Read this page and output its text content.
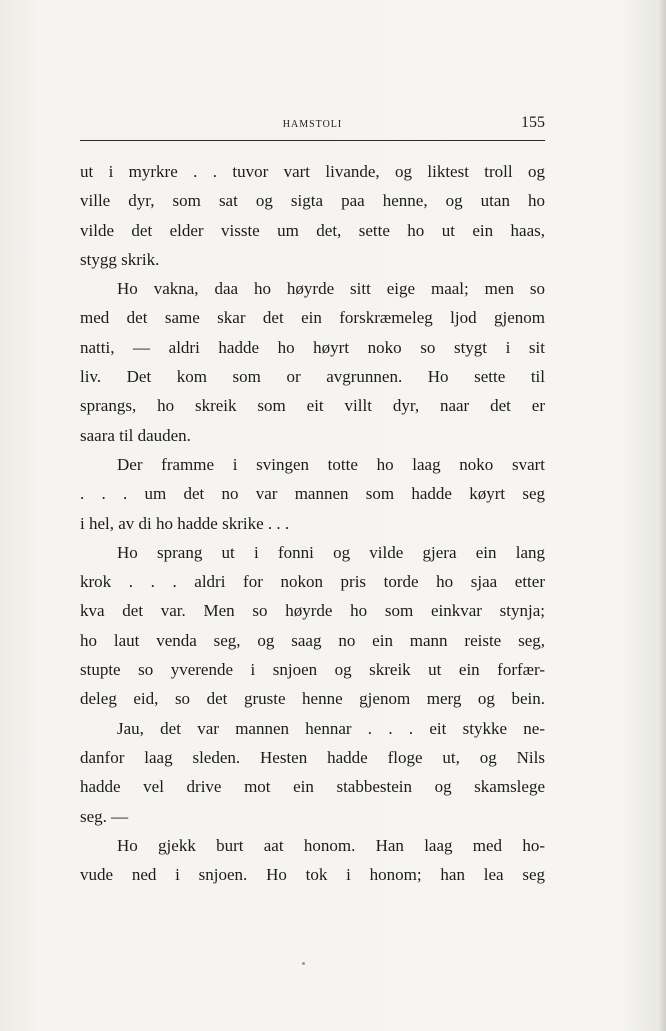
HAMSTOLI	155
ut i myrkre . . tuvor vart livande, og liktest troll og
ville dyr, som sat og sigta paa henne, og utan ho
vilde det elder visste um det, sette ho ut ein haas,
stygg skrik.
Ho vakna, daa ho høyrde sitt eige maal; men so
med det same skar det ein forskræmeleg ljod gjenom
natti, — aldri hadde ho høyrt noko so stygt i sit
liv. Det kom som or avgrunnen. Ho sette til
sprangs, ho skreik som eit villt dyr, naar det er
saara til dauden.
Der framme i svingen totte ho laag noko svart
. . . um det no var mannen som hadde køyrt seg
i hel, av di ho hadde skrike . . .
Ho sprang ut i fonni og vilde gjera ein lang
krok . . . aldri for nokon pris torde ho sjaa etter
kva det var. Men so høyrde ho som einkvar stynja;
ho laut venda seg, og saag no ein mann reiste seg,
stupte so yverende i snjoen og skreik ut ein forfær-
deleg eid, so det gruste henne gjenom merg og bein.
Jau, det var mannen hennar . . . eit stykke ne-
danfor laag sleden. Hesten hadde floge ut, og Nils
hadde vel drive mot ein stabbestein og skamslege
seg. —
Ho gjekk burt aat honom. Han laag med ho-
vude ned i snjoen. Ho tok i honom; han lea seg
